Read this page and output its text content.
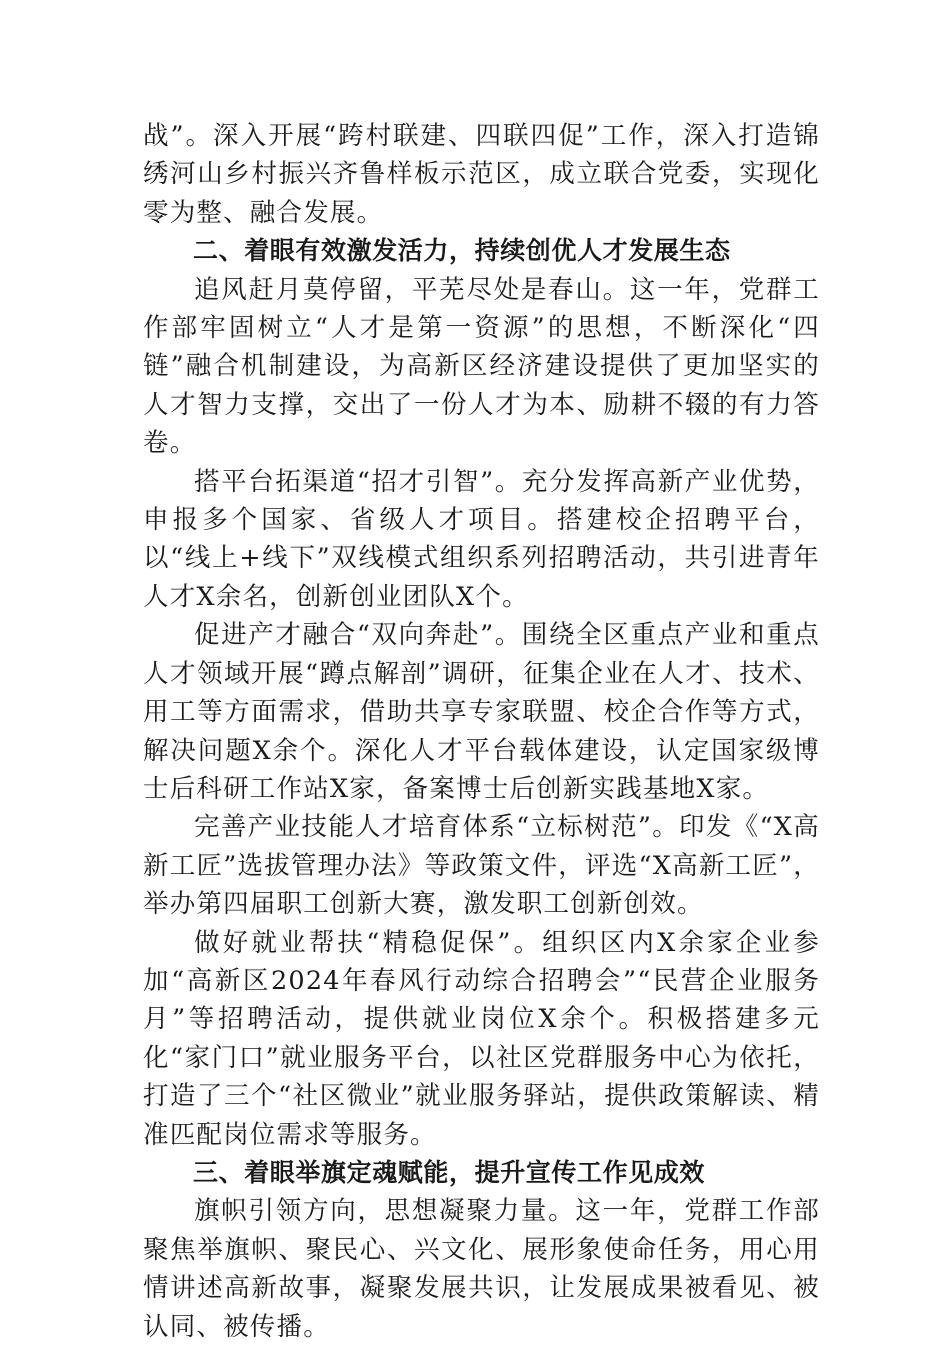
战”。深入开展“跨村联建、四联四促”工作，深入打造锦绣河山乡村振兴齐鲁样板示范区，成立联合党委，实现化零为整、融合发展。

二、着眼有效激发活力，持续创优人才发展生态

追风赶月莫停留，平芜尽处是春山。这一年，党群工作部牢固树立“人才是第一资源”的思想，不断深化“四链”融合机制建设，为高新区经济建设提供了更加坚实的人才智力支撑，交出了一份人才为本、励耕不辍的有力答卷。

搭平台拓渠道“招才引智”。充分发挥高新产业优势，申报多个国家、省级人才项目。搭建校企招聘平台，以“线上+线下”双线模式组织系列招聘活动，共引进青年人才X余名，创新创业团队X个。

促进产才融合“双向奔赴”。围绕全区重点产业和重点人才领域开展“蹲点解剖”调研，征集企业在人才、技术、用工等方面需求，借助共享专家联盟、校企合作等方式，解决问题X余个。深化人才平台载体建设，认定国家级博士后科研工作站X家，备案博士后创新实践基地X家。

完善产业技能人才培育体系“立标树范”。印发《“X高新工匠”选拔管理办法》等政策文件，评选“X高新工匠”，举办第四届职工创新大赛，激发职工创新创效。

做好就业帮扶“精稳促保”。组织区内X余家企业参加“高新区2024年春风行动综合招聘会”“民营企业服务月”等招聘活动，提供就业岗位X余个。积极搭建多元化“家门口”就业服务平台，以社区党群服务中心为依托，打造了三个“社区微业”就业服务驿站，提供政策解读、精准匹配岗位需求等服务。

三、着眼举旗定魂赋能，提升宣传工作见成效

旗帜引领方向，思想凝聚力量。这一年，党群工作部聚焦举旗帜、聚民心、兴文化、展形象使命任务，用心用情讲述高新故事，凝聚发展共识，让发展成果被看见、被认同、被传播。
